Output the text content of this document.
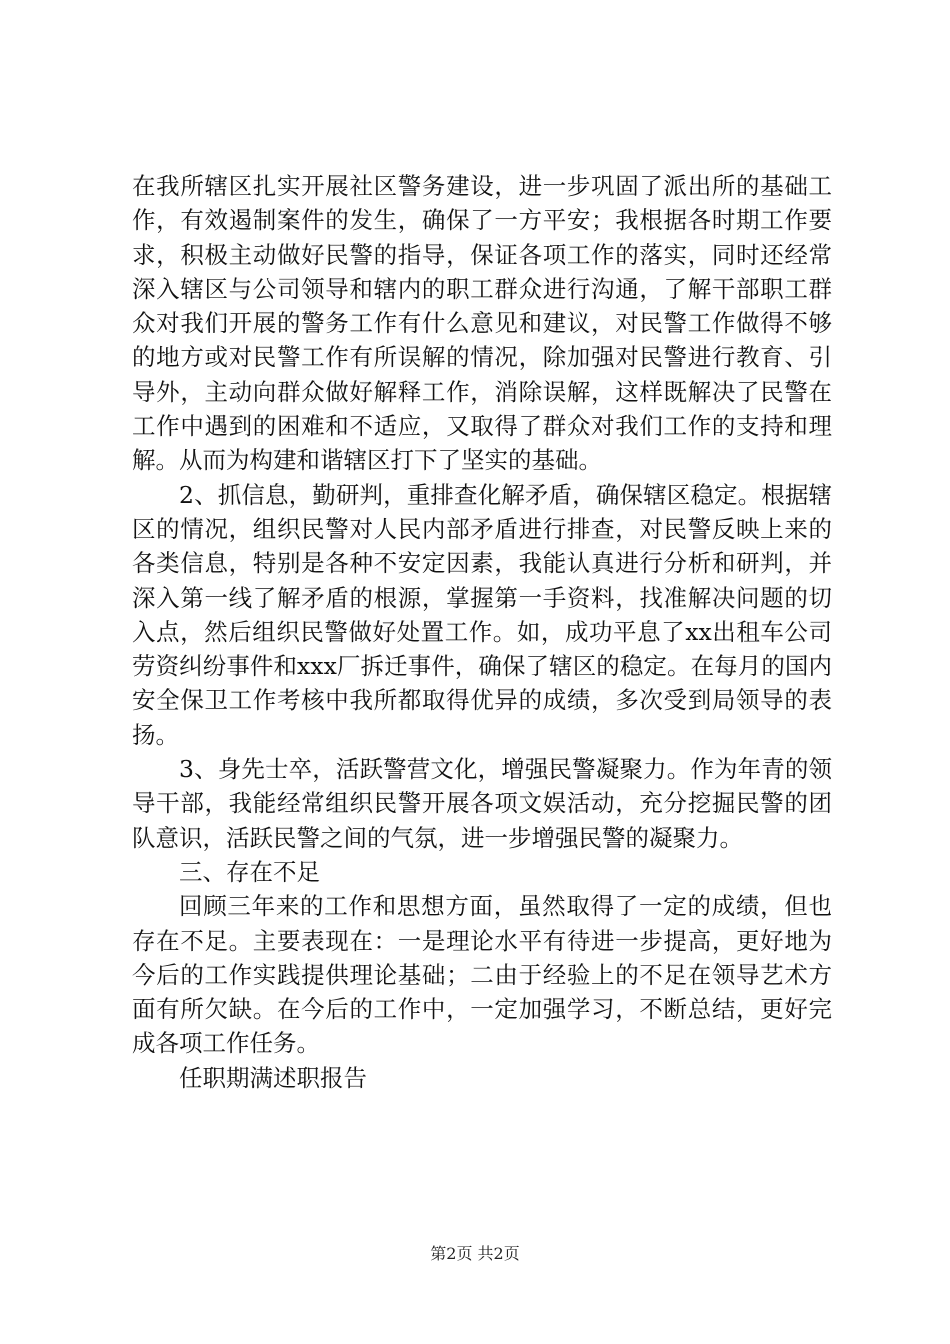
在我所辖区扎实开展社区警务建设，进一步巩固了派出所的基础工作，有效遏制案件的发生，确保了一方平安；我根据各时期工作要求，积极主动做好民警的指导，保证各项工作的落实，同时还经常深入辖区与公司领导和辖内的职工群众进行沟通，了解干部职工群众对我们开展的警务工作有什么意见和建议，对民警工作做得不够的地方或对民警工作有所误解的情况，除加强对民警进行教育、引导外，主动向群众做好解释工作，消除误解，这样既解决了民警在工作中遇到的困难和不适应，又取得了群众对我们工作的支持和理解。从而为构建和谐辖区打下了坚实的基础。

2、抓信息，勤研判，重排查化解矛盾，确保辖区稳定。根据辖区的情况，组织民警对人民内部矛盾进行排查，对民警反映上来的各类信息，特别是各种不安定因素，我能认真进行分析和研判，并深入第一线了解矛盾的根源，掌握第一手资料，找准解决问题的切入点，然后组织民警做好处置工作。如，成功平息了xx出租车公司劳资纠纷事件和xxx厂拆迁事件，确保了辖区的稳定。在每月的国内安全保卫工作考核中我所都取得优异的成绩，多次受到局领导的表扬。

3、身先士卒，活跃警营文化，增强民警凝聚力。作为年青的领导干部，我能经常组织民警开展各项文娱活动，充分挖掘民警的团队意识，活跃民警之间的气氛，进一步增强民警的凝聚力。

三、存在不足

回顾三年来的工作和思想方面，虽然取得了一定的成绩，但也存在不足。主要表现在：一是理论水平有待进一步提高，更好地为今后的工作实践提供理论基础；二由于经验上的不足在领导艺术方面有所欠缺。在今后的工作中，一定加强学习，不断总结，更好完成各项工作任务。

任职期满述职报告

第2页 共2页
